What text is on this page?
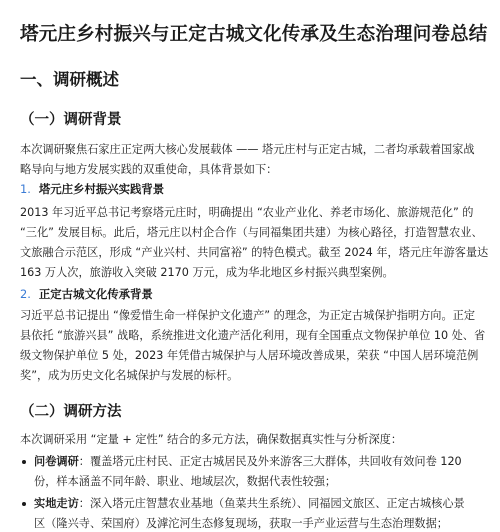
塔元庄乡村振兴与正定古城文化传承及生态治理问卷总结
一、调研概述
（一）调研背景
本次调研聚焦石家庄正定两大核心发展载体 —— 塔元庄村与正定古城，二者均承载着国家战
略导向与地方发展实践的双重使命，具体背景如下：
1. 塔元庄乡村振兴实践背景
2013 年习近平总书记考察塔元庄时，明确提出 “农业产业化、养老市场化、旅游规范化” 的
“三化” 发展目标。此后，塔元庄以村企合作（与同福集团共建）为核心路径，打造智慧农业、
文旅融合示范区，形成 “产业兴村、共同富裕” 的特色模式。截至 2024 年，塔元庄年游客量达
163 万人次，旅游收入突破 2170 万元，成为华北地区乡村振兴典型案例。
2. 正定古城文化传承背景
习近平总书记提出 “像爱惜生命一样保护文化遗产” 的理念，为正定古城保护指明方向。正定
县依托 “旅游兴县” 战略，系统推进文化遗产活化利用，现有全国重点文物保护单位 10 处、省
级文物保护单位 5 处，2023 年凭借古城保护与人居环境改善成果，荣获 “中国人居环境范例
奖”，成为历史文化名城保护与发展的标杆。
（二）调研方法
本次调研采用 “定量 + 定性” 结合的多元方法，确保数据真实性与分析深度：
问卷调研：覆盖塔元庄村民、正定古城居民及外来游客三大群体，共回收有效问卷 120
份，样本涵盖不同年龄、职业、地域层次，数据代表性较强；
实地走访：深入塔元庄智慧农业基地（鱼菜共生系统）、同福园文旅区、正定古城核心景
区（隆兴寺、荣国府）及滹沱河生态修复现场，获取一手产业运营与生态治理数据；
